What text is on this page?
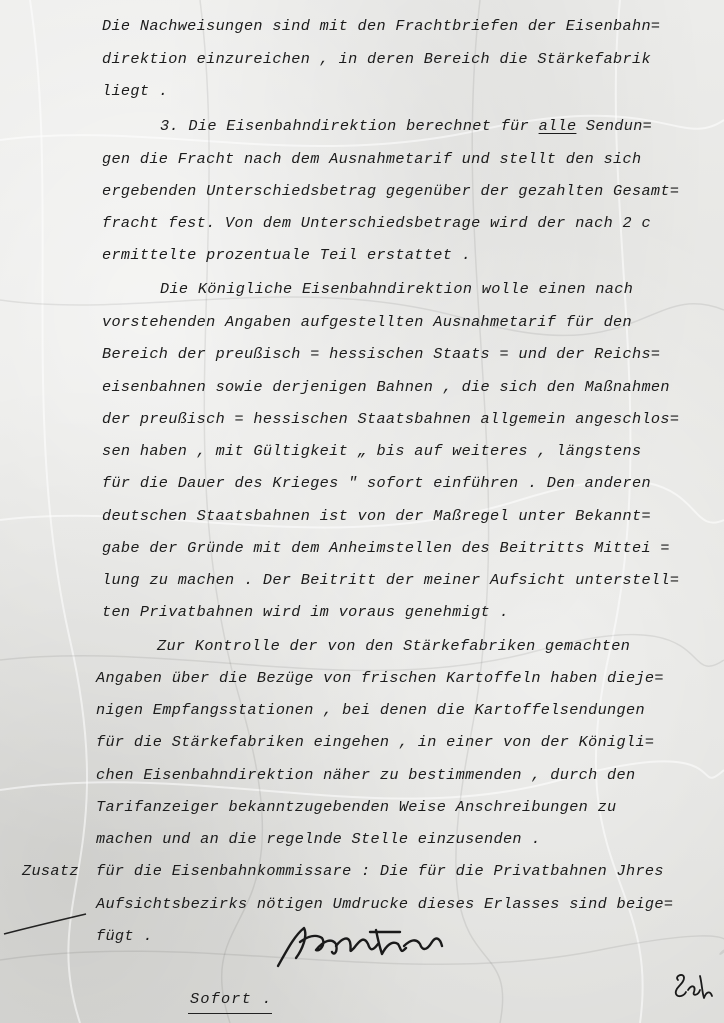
Die Nachweisungen sind mit den Frachtbriefen der Eisenbahn=
direktion einzureichen , in deren Bereich die Stärkefabrik
liegt .
3. Die Eisenbahndirektion berechnet für alle Sendun=
gen die Fracht nach dem Ausnahmetarif und stellt den sich
ergebenden Unterschiedsbetrag gegenüber der gezahlten Gesamt=
fracht fest. Von dem Unterschiedsbetrage wird der nach 2 c
ermittelte prozentuale Teil erstattet .
Die Königliche Eisenbahndirektion wolle einen nach
vorstehenden Angaben aufgestellten Ausnahmetarif für den
Bereich der preußisch = hessischen Staats = und der Reichs=
eisenbahnen sowie derjenigen Bahnen , die sich den Maßnahmen
der preußisch = hessischen Staatsbahnen allgemein angeschlos=
sen haben , mit Gültigkeit „ bis auf weiteres , längstens
für die Dauer des Krieges " sofort einführen . Den anderen
deutschen Staatsbahnen ist von der Maßregel unter Bekannt=
gabe der Gründe mit dem Anheimstellen des Beitritts Mittei =
lung zu machen . Der Beitritt der meiner Aufsicht unterstell=
ten Privatbahnen wird im voraus genehmigt .
Zur Kontrolle der von den Stärkefabriken gemachten
Angaben über die Bezüge von frischen Kartoffeln haben dieje=
nigen Empfangsstationen , bei denen die Kartoffelsendungen
für die Stärkefabriken eingehen , in einer von der Königli=
chen Eisenbahndirektion näher zu bestimmenden , durch den
Tarifanzeiger bekanntzugebenden Weise Anschreibungen zu
machen und an die regelnde Stelle einzusenden .
Zusatz für die Eisenbahnkommissare : Die für die Privatbahnen Jhres
Aufsichtsbezirks nötigen Umdrucke dieses Erlasses sind beige=
fügt .
Sofort .
